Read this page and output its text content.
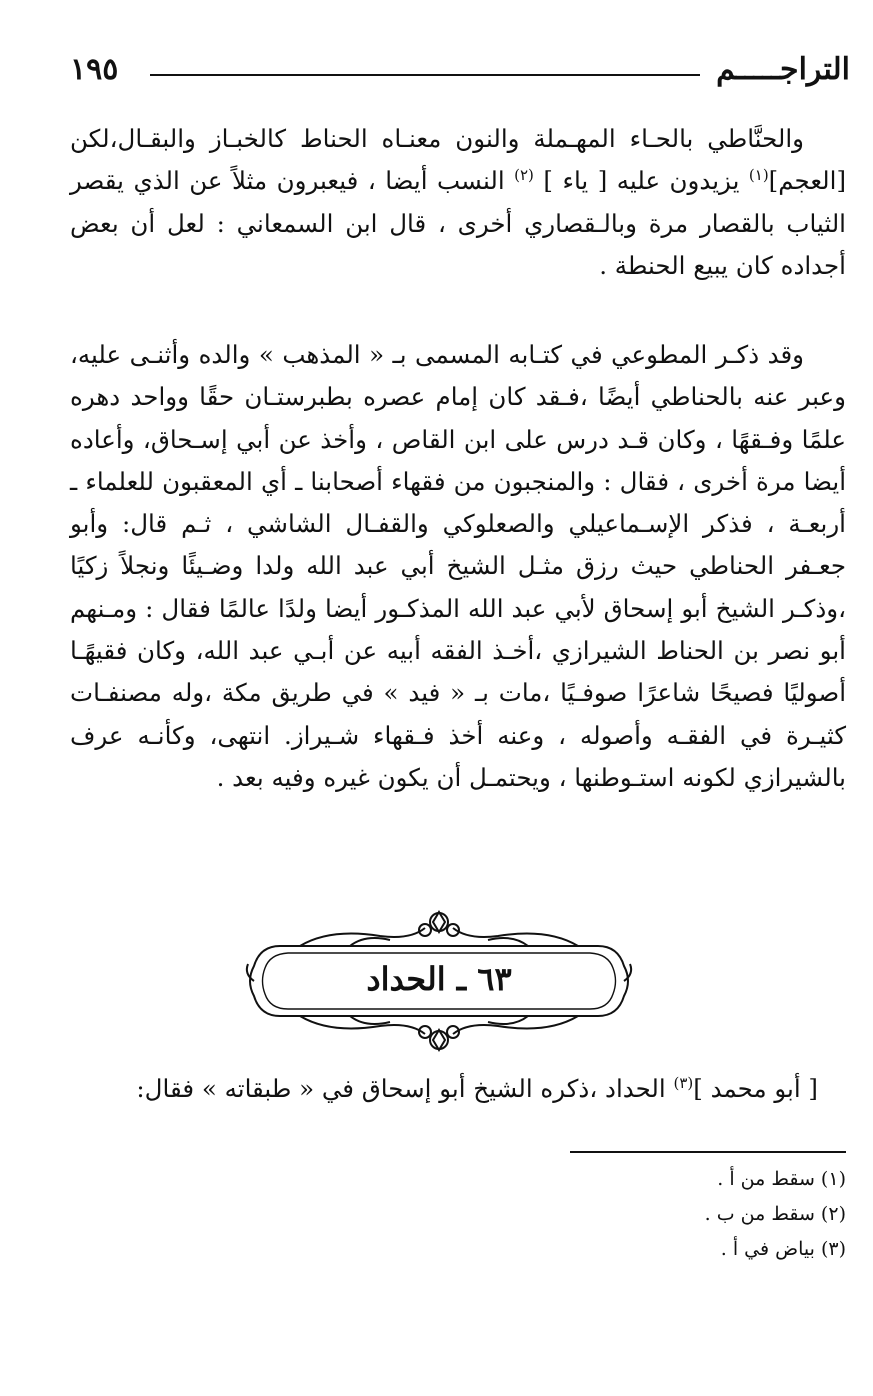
التراجـــــم
١٩٥
والحنَّاطي بالحـاء المهـملة والنون معنـاه الحناط كالخبـاز والبقـال،لكن [العجم]$^{(١)}$ يزيدون عليه [ ياء ] $^{(٢)}$ النسب أيضا ، فيعبرون مثلاً عن الذي يقصر الثياب بالقصار مرة وبالـقصاري أخرى ، قال ابن السمعاني : لعل أن بعض أجداده كان يبيع الحنطة .
وقد ذكـر المطوعي في كتـابه المسمى بـ « المذهب » والده وأثنـى عليه، وعبر عنه بالحناطي أيضًا ،فـقد كان إمام عصره بطبرستـان حقًا وواحد دهره علمًا وفـقهًا ، وكان قـد درس على ابن القاص ، وأخذ عن أبي إسـحاق، وأعاده أيضا مرة أخرى ، فقال : والمنجبون من فقهاء أصحابنا ـ أي المعقبون للعلماء ـ أربعـة ، فذكر الإسـماعيلي والصعلوكي والقفـال الشاشي ، ثـم قال: وأبو جعـفر الحناطي حيث رزق مثـل الشيخ أبي عبد الله ولدا وضـيئًا ونجلاً زكيًا ،وذكـر الشيخ أبو إسحاق لأبي عبد الله المذكـور أيضا ولدًا عالمًا فقال : ومـنهم أبو نصر بن الحناط الشيرازي ،أخـذ الفقه أبيه عن أبـي عبد الله، وكان فقيهًـا أصوليًا فصيحًا شاعرًا صوفـيًا ،مات بـ « فيد » في طريق مكة ،وله مصنفـات كثيـرة في الفقـه وأصوله ، وعنه أخذ فـقهاء شـيراز. انتهى، وكأنـه عرف بالشيرازي لكونه استـوطنها ، ويحتمـل أن يكون غيره وفيه بعد .
٦٣ ـ الحداد
[ أبو محمد ]$^{(٣)}$ الحداد ،ذكره الشيخ أبو إسحاق في « طبقاته » فقال:
(١) سقط من أ .
(٢) سقط من ب .
(٣) بياض في أ .
